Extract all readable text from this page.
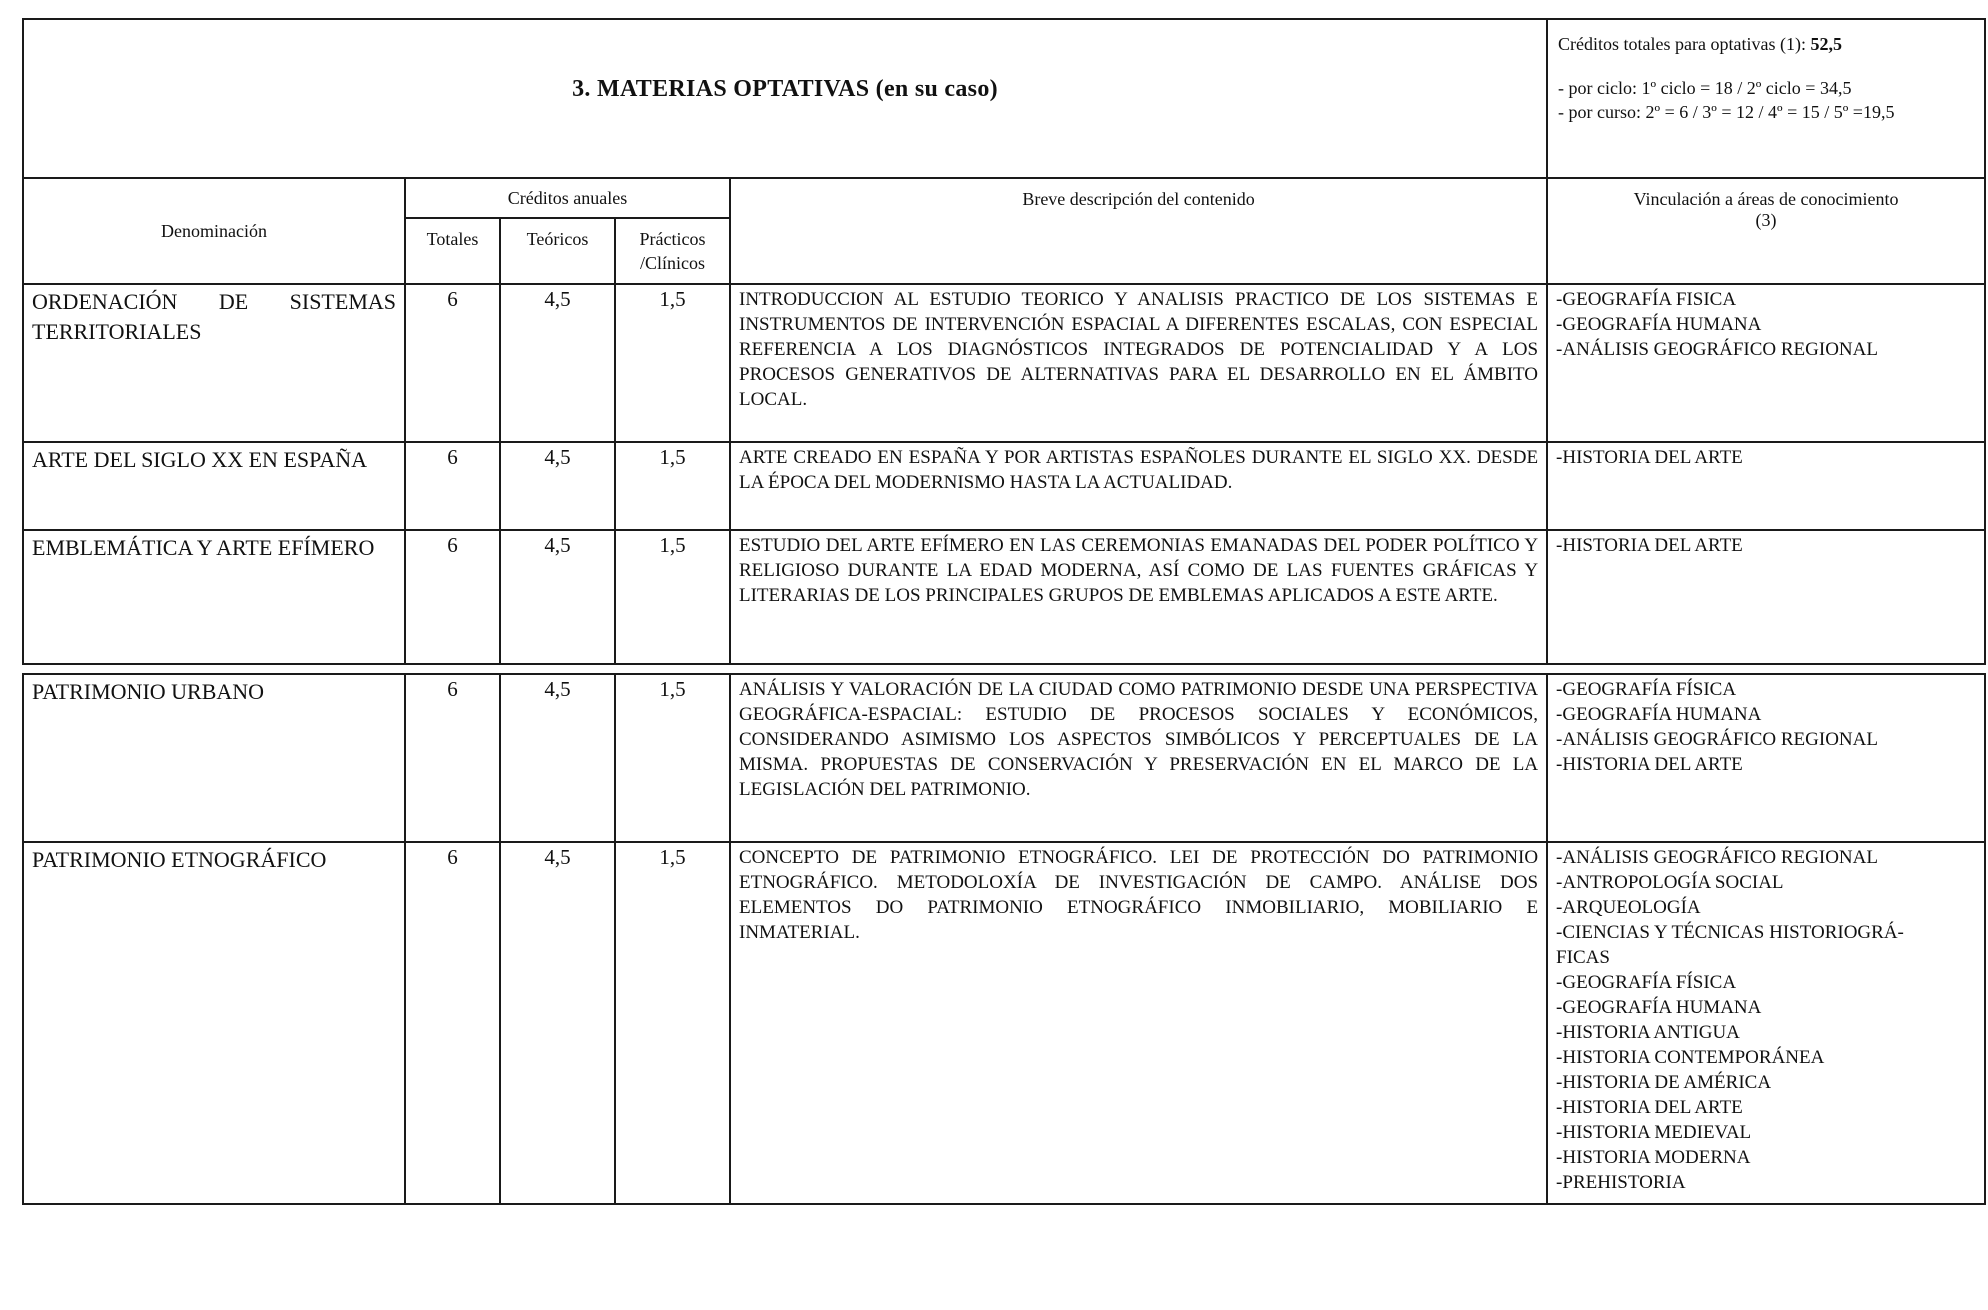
3. MATERIAS OPTATIVAS (en su caso)	
Créditos totales para optativas (1): 52,5
- por ciclo: 1º ciclo = 18 / 2º ciclo = 34,5
- por curso: 2º = 6 / 3º = 12 / 4º = 15 / 5º =19,5

Denominación	Créditos anuales	Breve descripción del contenido	Vinculación a áreas de conocimiento
(3)

Totales	Teóricos	Prácticos /Clínicos
ORDENACIÓN DE SISTEMAS TERRITORIALES	6	4,5	1,5	INTRODUCCION AL ESTUDIO TEORICO Y ANALISIS PRACTICO DE LOS SISTEMAS E INSTRUMENTOS DE INTERVENCIÓN ESPACIAL A DIFERENTES ESCALAS, CON ESPECIAL REFERENCIA A LOS DIAGNÓSTICOS INTEGRADOS DE POTENCIALIDAD Y A LOS PROCESOS GENERATIVOS DE ALTERNATIVAS PARA EL DESARROLLO EN EL ÁMBITO LOCAL.	
-GEOGRAFÍA FISICA
-GEOGRAFÍA HUMANA
-ANÁLISIS GEOGRÁFICO REGIONAL

ARTE DEL SIGLO XX EN ESPAÑA	6	4,5	1,5	ARTE CREADO EN ESPAÑA Y POR ARTISTAS ESPAÑOLES DURANTE EL SIGLO XX. DESDE LA ÉPOCA DEL MODERNISMO HASTA LA ACTUALIDAD.	
-HISTORIA DEL ARTE

EMBLEMÁTICA Y ARTE EFÍMERO	6	4,5	1,5	ESTUDIO DEL ARTE EFÍMERO EN LAS CEREMONIAS EMANADAS DEL PODER POLÍTICO Y RELIGIOSO DURANTE LA EDAD MODERNA, ASÍ COMO DE LAS FUENTES GRÁFICAS Y LITERARIAS DE LOS PRINCIPALES GRUPOS DE EMBLEMAS APLICADOS A ESTE ARTE.	
-HISTORIA DEL ARTE

PATRIMONIO URBANO	6	4,5	1,5	ANÁLISIS Y VALORACIÓN DE LA CIUDAD COMO PATRIMONIO DESDE UNA PERSPECTIVA GEOGRÁFICA-ESPACIAL: ESTUDIO DE PROCESOS SOCIALES Y ECONÓMICOS, CONSIDERANDO ASIMISMO LOS ASPECTOS SIMBÓLICOS Y PERCEPTUALES DE LA MISMA. PROPUESTAS DE CONSERVACIÓN Y PRESERVACIÓN EN EL MARCO DE LA LEGISLACIÓN DEL PATRIMONIO.	
-GEOGRAFÍA FÍSICA
-GEOGRAFÍA HUMANA
-ANÁLISIS GEOGRÁFICO REGIONAL
-HISTORIA DEL ARTE

PATRIMONIO ETNOGRÁFICO	6	4,5	1,5	CONCEPTO DE PATRIMONIO ETNOGRÁFICO. LEI DE PROTECCIÓN DO PATRIMONIO ETNOGRÁFICO. METODOLOXÍA DE INVESTIGACIÓN DE CAMPO. ANÁLISE DOS ELEMENTOS DO PATRIMONIO ETNOGRÁFICO INMOBILIARIO, MOBILIARIO E INMATERIAL.	
-ANÁLISIS GEOGRÁFICO REGIONAL
-ANTROPOLOGÍA SOCIAL
-ARQUEOLOGÍA
-CIENCIAS Y TÉCNICAS HISTORIOGRÁ-
FICAS
-GEOGRAFÍA FÍSICA
-GEOGRAFÍA HUMANA
-HISTORIA ANTIGUA
-HISTORIA CONTEMPORÁNEA
-HISTORIA DE AMÉRICA
-HISTORIA DEL ARTE
-HISTORIA MEDIEVAL
-HISTORIA MODERNA
-PREHISTORIA
